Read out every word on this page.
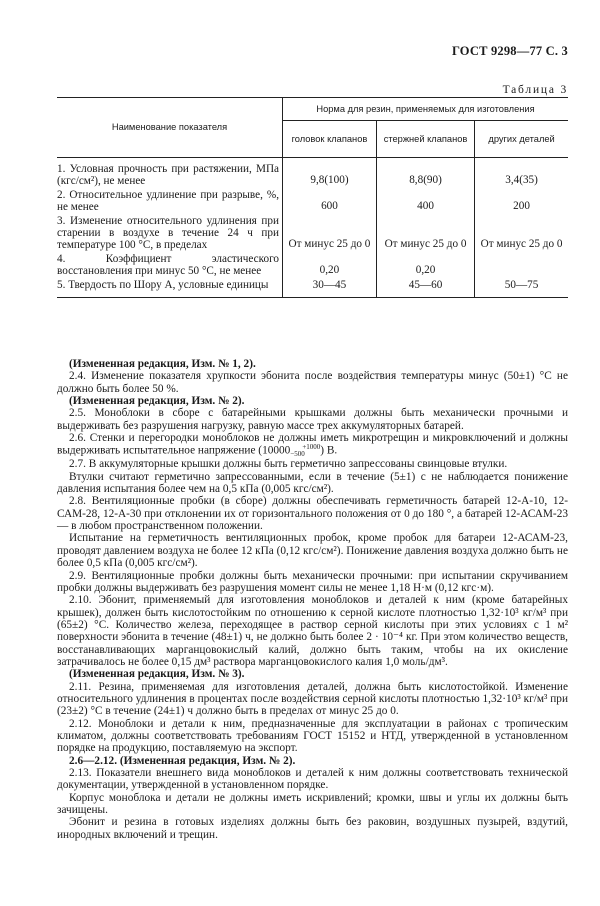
ГОСТ 9298—77 С. 3
Таблица 3
Наименование показателя	Норма для резин, применяемых для изготовления		
	головок клапанов	стержней клапанов	других деталей
1. Условная прочность при растяжении, МПа (кгс/см²), не менее	9,8(100)	8,8(90)	3,4(35)
2. Относительное удлинение при разрыве, %, не менее	600	400	200
3. Изменение относительного удлинения при старении в воздухе в течение 24 ч при температуре 100 °С, в пределах	От минус 25 до 0	От минус 25 до 0	От минус 25 до 0
4. Коэффициент эластического восстановления при минус 50 °С, не менее	0,20	0,20	
5. Твердость по Шору А, условные единицы	30—45	45—60	50—75

(Измененная редакция, Изм. № 1, 2).

2.4. Изменение показателя хрупкости эбонита после воздействия температуры минус (50±1) °С не должно быть более 50 %.

(Измененная редакция, Изм. № 2).

2.5. Моноблоки в сборе с батарейными крышками должны быть механически прочными и выдерживать без разрушения нагрузку, равную массе трех аккумуляторных батарей.

2.6. Стенки и перегородки моноблоков не должны иметь микротрещин и микровключений и должны выдерживать испытательное напряжение (10000 +1000
−500 ) В.

2.7. В аккумуляторные крышки должны быть герметично запрессованы свинцовые втулки.

Втулки считают герметично запрессованными, если в течение (5±1) с не наблюдается понижение давления испытания более чем на 0,5 кПа (0,005 кгс/см²).

2.8. Вентиляционные пробки (в сборе) должны обеспечивать герметичность батарей 12-А-10, 12-САМ-28, 12-А-30 при отклонении их от горизонтального положения от 0 до 180 °, а батарей 12-АСАМ-23 — в любом пространственном положении.

Испытание на герметичность вентиляционных пробок, кроме пробок для батареи 12-АСАМ-23, проводят давлением воздуха не более 12 кПа (0,12 кгс/см²). Понижение давления воздуха должно быть не более 0,5 кПа (0,005 кгс/см²).

2.9. Вентиляционные пробки должны быть механически прочными: при испытании скручиванием пробки должны выдерживать без разрушения момент силы не менее 1,18 Н·м (0,12 кгс·м).

2.10. Эбонит, применяемый для изготовления моноблоков и деталей к ним (кроме батарейных крышек), должен быть кислотостойким по отношению к серной кислоте плотностью 1,32·10³ кг/м³ при (65±2) °С. Количество железа, переходящее в раствор серной кислоты при этих условиях с 1 м² поверхности эбонита в течение (48±1) ч, не должно быть более 2 · 10⁻⁴ кг. При этом количество веществ, восстанавливающих марганцовокислый калий, должно быть таким, чтобы на их окисление затрачивалось не более 0,15 дм³ раствора марганцовокислого калия 1,0 моль/дм³.

(Измененная редакция, Изм. № 3).

2.11. Резина, применяемая для изготовления деталей, должна быть кислотостойкой. Изменение относительного удлинения в процентах после воздействия серной кислоты плотностью 1,32·10³ кг/м³ при (23±2) °С в течение (24±1) ч должно быть в пределах от минус 25 до 0.

2.12. Моноблоки и детали к ним, предназначенные для эксплуатации в районах с тропическим климатом, должны соответствовать требованиям ГОСТ 15152 и НТД, утвержденной в установленном порядке на продукцию, поставляемую на экспорт.

2.6—2.12. (Измененная редакция, Изм. № 2).

2.13. Показатели внешнего вида моноблоков и деталей к ним должны соответствовать технической документации, утвержденной в установленном порядке.

Корпус моноблока и детали не должны иметь искривлений; кромки, швы и углы их должны быть зачищены.

Эбонит и резина в готовых изделиях должны быть без раковин, воздушных пузырей, вздутий, инородных включений и трещин.
